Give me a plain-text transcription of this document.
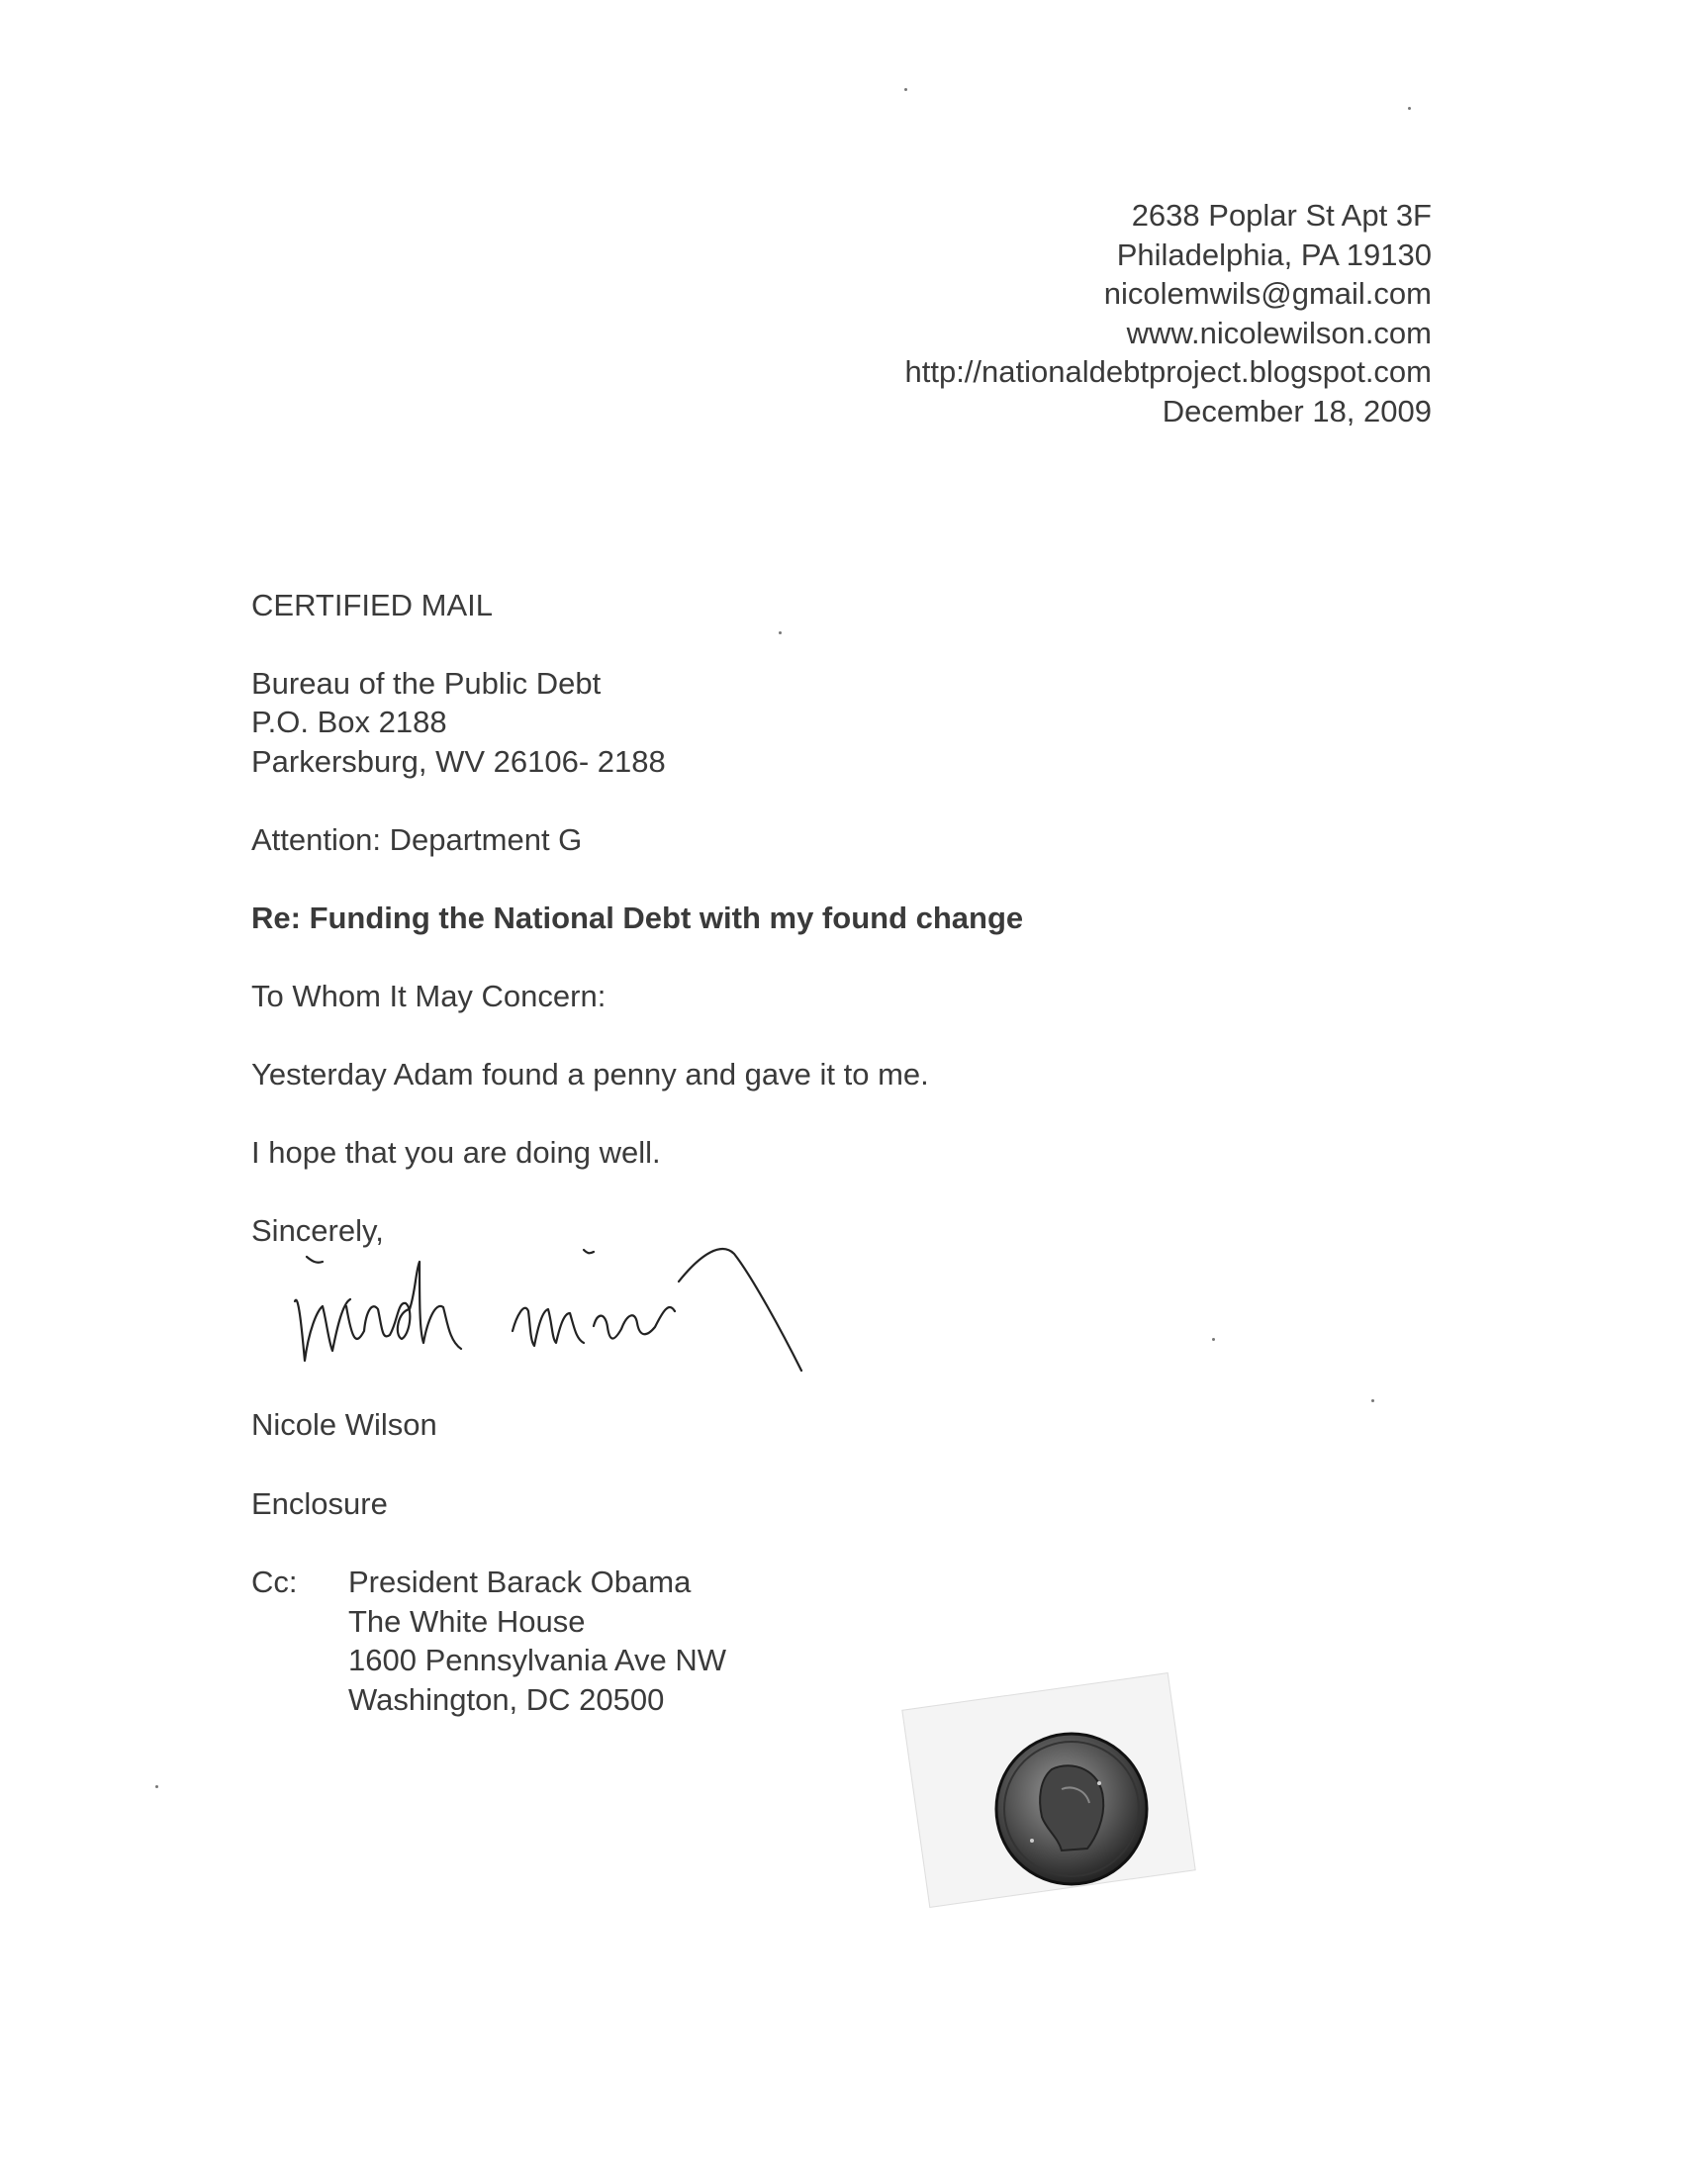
2638 Poplar St Apt 3F
Philadelphia, PA 19130
nicolemwils@gmail.com
www.nicolewilson.com
http://nationaldebtproject.blogspot.com
December 18, 2009
CERTIFIED MAIL
Bureau of the Public Debt
P.O. Box 2188
Parkersburg, WV 26106- 2188
Attention: Department G
Re: Funding the National Debt with my found change
To Whom It May Concern:
Yesterday Adam found a penny and gave it to me.
I hope that you are doing well.
Sincerely,
Nicole Wilson
Enclosure
Cc: President Barack Obama
The White House
1600 Pennsylvania Ave NW
Washington, DC 20500
